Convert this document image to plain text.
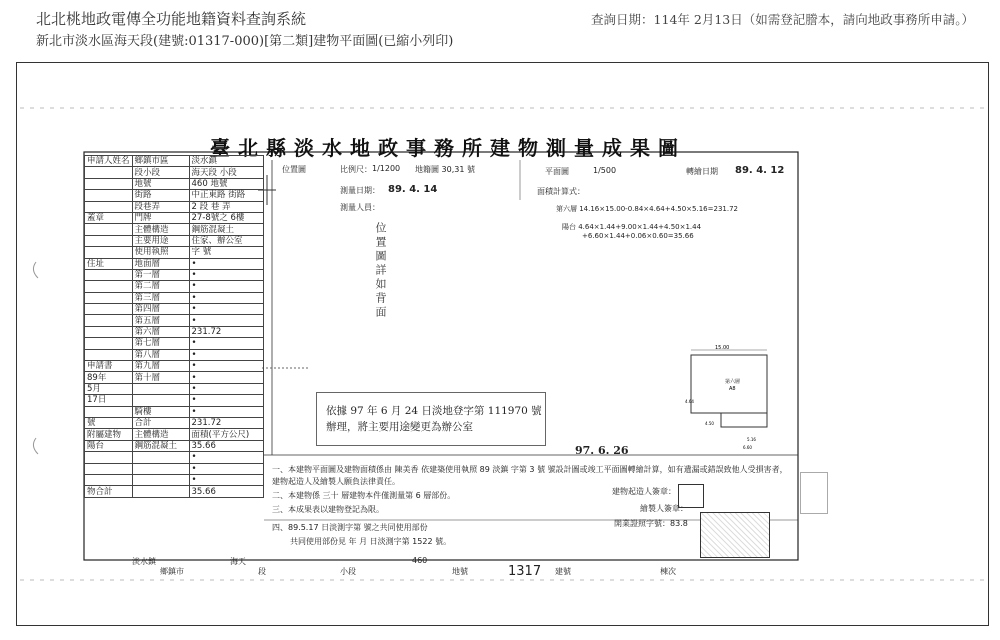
北北桃地政電傳全功能地籍資料查詢系統
新北市淡水區海天段(建號:01317-000)[第二類]建物平面圖(已縮小列印)
查詢日期：114年 2月13日（如需登記謄本，請向地政事務所申請。）
臺北縣淡水地政事務所建物測量成果圖
申請人姓名	鄉鎮市區	淡水鎮
	段小段	海天段 小段
	地號	460 地號
	街路	中正東路 街路
	段巷弄	2 段 巷 弄
蓋章	門牌	27-8號之 6樓
	主體構造	鋼筋混凝土
	主要用途	住家、辦公室
	使用執照	字 號
住址	地面層	•
	第一層	•
	第二層	•
	第三層	•
	第四層	•
	第五層	•
	第六層	231.72
	第七層	•
	第八層	•
申請書	第九層	•
89年	第十層	•
5月		•
17日		•
	騎樓	•
號	合計	231.72
附屬建物	主體構造	面積(平方公尺)
陽台	鋼筋混凝土	35.66
		•
		•
		•
物合計		35.66
位置圖	比例尺： 1/1200 地籍圖 30,31 號
測量日期： 89. 4. 14
測量人員：
平面圖	1/500	轉繪日期 89. 4. 12
面積計算式：
第六層 14.16×15.00-0.84×4.64+4.50×5.16=231.72
陽台 4.64×1.44+9.00×1.44+4.50×1.44
+6.60×1.44+0.06×0.60=35.66
位置圖詳如背面
依據 97 年 6 月 24 日淡地登字第 111970 號辦理，將主要用途變更為辦公室
97. 6. 26
15.00
第六層
A8
4.64
4.50
5.16
6.60
一、本建物平面圖及建物面積係由 陳美香 依建築使用執照 89 淡鎮 字第 3 號 號設計圖或竣工平面圖轉繪計算，如有遺漏或錯誤致他人受損害者，建物起造人及繪製人願負法律責任。
二、本建物係 三十 層建物本件僅測量第 6 層部份。
三、本成果表以建物登記為限。
四、89.5.17 日淡測字第 號之共同使用部份
共同使用部份見 年 月 日淡測字第 1522 號。
建物起造人簽章：
繪製人簽章：
開業證照字號：83.8
淡水鎮
鄉鎮市
海天
段	小段
460
地號	1317 建號	棟次
